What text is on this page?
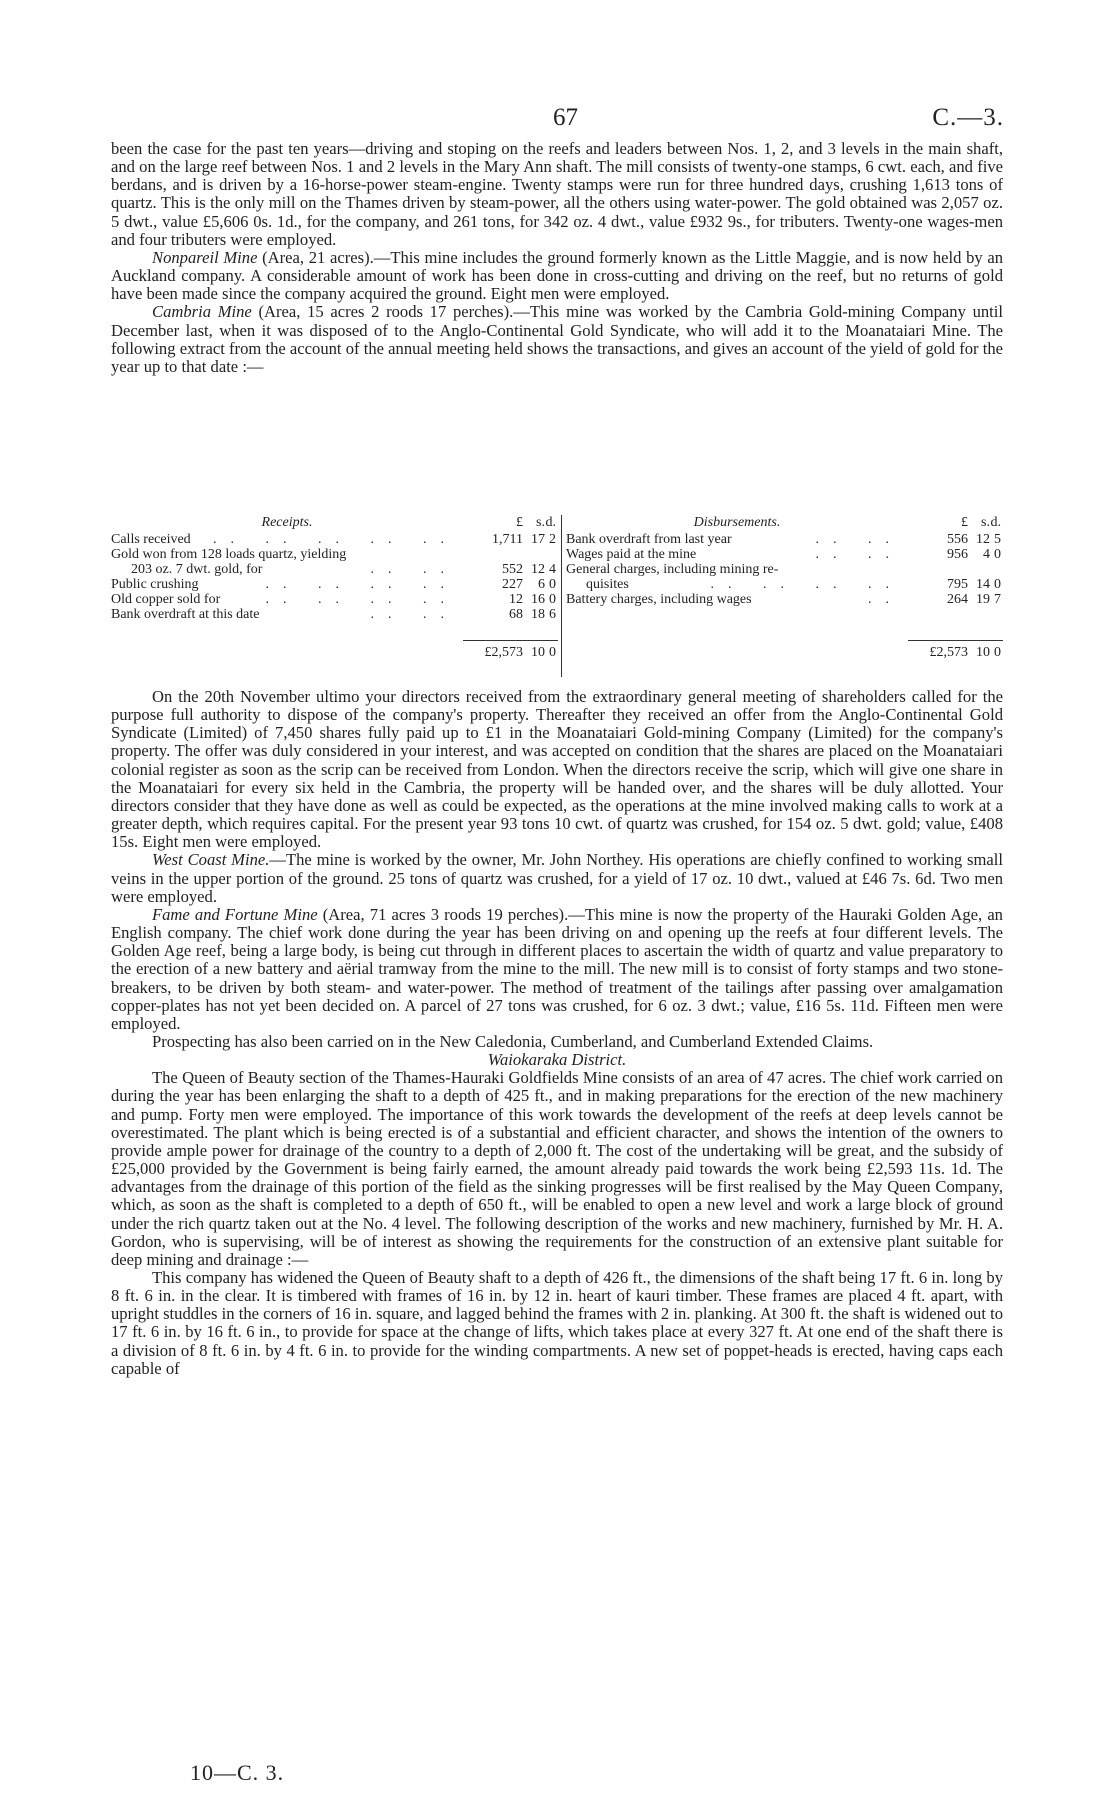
67	C.—3.

been the case for the past ten years—driving and stoping on the reefs and leaders between Nos. 1, 2, and 3 levels in the main shaft, and on the large reef between Nos. 1 and 2 levels in the Mary Ann shaft. The mill consists of twenty-one stamps, 6 cwt. each, and five berdans, and is driven by a 16-horse-power steam-engine. Twenty stamps were run for three hundred days, crushing 1,613 tons of quartz. This is the only mill on the Thames driven by steam-power, all the others using water-power. The gold obtained was 2,057 oz. 5 dwt., value £5,606 0s. 1d., for the company, and 261 tons, for 342 oz. 4 dwt., value £932 9s., for tributers. Twenty-one wages-men and four tributers were employed.

Nonpareil Mine (Area, 21 acres).—This mine includes the ground formerly known as the Little Maggie, and is now held by an Auckland company. A considerable amount of work has been done in cross-cutting and driving on the reef, but no returns of gold have been made since the company acquired the ground. Eight men were employed.

Cambria Mine (Area, 15 acres 2 roods 17 perches).—This mine was worked by the Cambria Gold-mining Company until December last, when it was disposed of to the Anglo-Continental Gold Syndicate, who will add it to the Moanataiari Mine. The following extract from the account of the annual meeting held shows the transactions, and gives an account of the yield of gold for the year up to that date :—

Receipts.	£ s. d.
Calls received .. .. .. .. .. 1,711 17 2
Gold won from 128 loads quartz, yielding
203 oz. 7 dwt. gold, for	.. ..	552 12 4
Public crushing	.. .. .. ..	227	6 0
Old copper sold for	.. .. .. ..	12 16 0
Bank overdraft at this date	.. ..	68 18 6
£2,573 10 0
Disbursements.	£ s. d.
Bank overdraft from last year	.. ..	556 12 5
Wages paid at the mine	.. ..	956	4 0
General charges, including mining re-
quisites	.. .. .. ..	795 14 0
Battery charges, including wages	..	264 19 7
£2,573 10 0

On the 20th November ultimo your directors received from the extraordinary general meeting of shareholders called for the purpose full authority to dispose of the company's property. Thereafter they received an offer from the Anglo-Continental Gold Syndicate (Limited) of 7,450 shares fully paid up to £1 in the Moanataiari Gold-mining Company (Limited) for the company's property. The offer was duly considered in your interest, and was accepted on condition that the shares are placed on the Moanataiari colonial register as soon as the scrip can be received from London. When the directors receive the scrip, which will give one share in the Moanataiari for every six held in the Cambria, the property will be handed over, and the shares will be duly allotted. Your directors consider that they have done as well as could be expected, as the operations at the mine involved making calls to work at a greater depth, which requires capital. For the present year 93 tons 10 cwt. of quartz was crushed, for 154 oz. 5 dwt. gold; value, £408 15s. Eight men were employed.

West Coast Mine.—The mine is worked by the owner, Mr. John Northey. His operations are chiefly confined to working small veins in the upper portion of the ground. 25 tons of quartz was crushed, for a yield of 17 oz. 10 dwt., valued at £46 7s. 6d. Two men were employed.

Fame and Fortune Mine (Area, 71 acres 3 roods 19 perches).—This mine is now the property of the Hauraki Golden Age, an English company. The chief work done during the year has been driving on and opening up the reefs at four different levels. The Golden Age reef, being a large body, is being cut through in different places to ascertain the width of quartz and value preparatory to the erection of a new battery and aërial tramway from the mine to the mill. The new mill is to consist of forty stamps and two stone-breakers, to be driven by both steam- and water-power. The method of treatment of the tailings after passing over amalgamation copper-plates has not yet been decided on. A parcel of 27 tons was crushed, for 6 oz. 3 dwt.; value, £16 5s. 11d. Fifteen men were employed.

Prospecting has also been carried on in the New Caledonia, Cumberland, and Cumberland Extended Claims.

Waiokaraka District.

The Queen of Beauty section of the Thames-Hauraki Goldfields Mine consists of an area of 47 acres. The chief work carried on during the year has been enlarging the shaft to a depth of 425 ft., and in making preparations for the erection of the new machinery and pump. Forty men were employed. The importance of this work towards the development of the reefs at deep levels cannot be overestimated. The plant which is being erected is of a substantial and efficient character, and shows the intention of the owners to provide ample power for drainage of the country to a depth of 2,000 ft. The cost of the undertaking will be great, and the subsidy of £25,000 provided by the Government is being fairly earned, the amount already paid towards the work being £2,593 11s. 1d. The advantages from the drainage of this portion of the field as the sinking progresses will be first realised by the May Queen Company, which, as soon as the shaft is completed to a depth of 650 ft., will be enabled to open a new level and work a large block of ground under the rich quartz taken out at the No. 4 level. The following description of the works and new machinery, furnished by Mr. H. A. Gordon, who is supervising, will be of interest as showing the requirements for the construction of an extensive plant suitable for deep mining and drainage :—

This company has widened the Queen of Beauty shaft to a depth of 426 ft., the dimensions of the shaft being 17 ft. 6 in. long by 8 ft. 6 in. in the clear. It is timbered with frames of 16 in. by 12 in. heart of kauri timber. These frames are placed 4 ft. apart, with upright studdles in the corners of 16 in. square, and lagged behind the frames with 2 in. planking. At 300 ft. the shaft is widened out to 17 ft. 6 in. by 16 ft. 6 in., to provide for space at the change of lifts, which takes place at every 327 ft. At one end of the shaft there is a division of 8 ft. 6 in. by 4 ft. 6 in. to provide for the winding compartments. A new set of poppet-heads is erected, having caps each capable of

10—C. 3.
